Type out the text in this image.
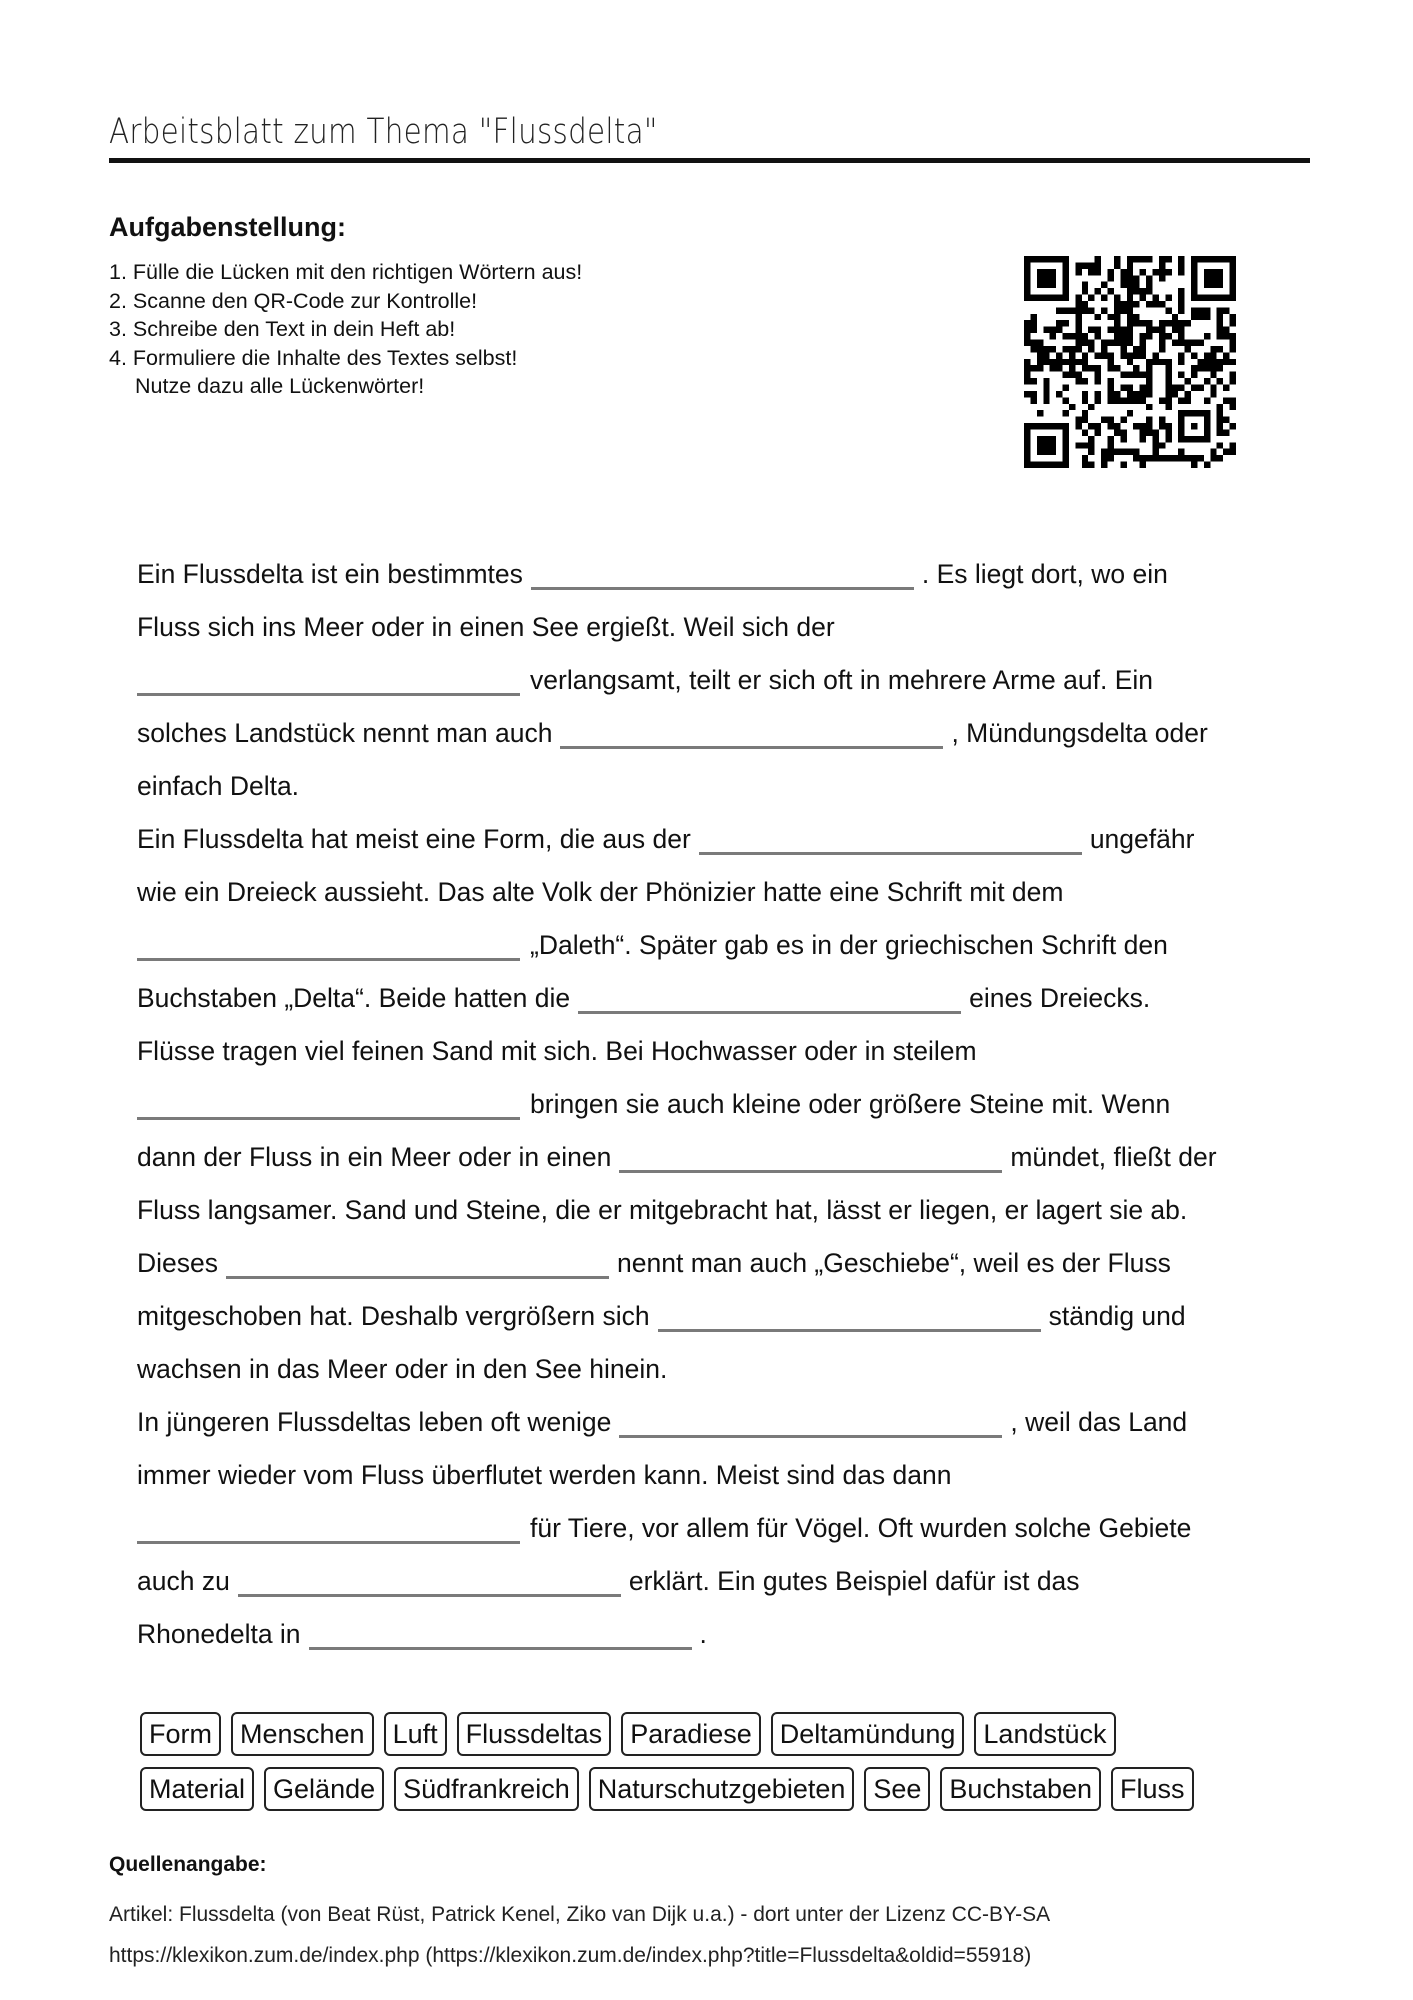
Arbeitsblatt zum Thema "Flussdelta"
Aufgabenstellung:
1. Fülle die Lücken mit den richtigen Wörtern aus!
2. Scanne den QR-Code zur Kontrolle!
3. Schreibe den Text in dein Heft ab!
4. Formuliere die Inhalte des Textes selbst!
Nutze dazu alle Lückenwörter!
Ein Flussdelta ist ein bestimmtes	. Es liegt dort, wo ein
Fluss sich ins Meer oder in einen See ergießt. Weil sich der
verlangsamt, teilt er sich oft in mehrere Arme auf. Ein
solches Landstück nennt man auch	, Mündungsdelta oder
einfach Delta.
Ein Flussdelta hat meist eine Form, die aus der	ungefähr
wie ein Dreieck aussieht. Das alte Volk der Phönizier hatte eine Schrift mit dem
„Daleth“. Später gab es in der griechischen Schrift den
Buchstaben „Delta“. Beide hatten die	eines Dreiecks.
Flüsse tragen viel feinen Sand mit sich. Bei Hochwasser oder in steilem
bringen sie auch kleine oder größere Steine mit. Wenn
dann der Fluss in ein Meer oder in einen	mündet, fließt der
Fluss langsamer. Sand und Steine, die er mitgebracht hat, lässt er liegen, er lagert sie ab.
Dieses	nennt man auch „Geschiebe“, weil es der Fluss
mitgeschoben hat. Deshalb vergrößern sich	ständig und
wachsen in das Meer oder in den See hinein.
In jüngeren Flussdeltas leben oft wenige	, weil das Land
immer wieder vom Fluss überflutet werden kann. Meist sind das dann
für Tiere, vor allem für Vögel. Oft wurden solche Gebiete
auch zu	erklärt. Ein gutes Beispiel dafür ist das
Rhonedelta in	.
Form	Menschen	Luft	Flussdeltas	Paradiese	Deltamündung	Landstück
Material	Gelände	Südfrankreich	Naturschutzgebieten	See	Buchstaben	Fluss
Quellenangabe:
Artikel: Flussdelta (von Beat Rüst, Patrick Kenel, Ziko van Dijk u.a.) - dort unter der Lizenz CC-BY-SA
https://klexikon.zum.de/index.php (https://klexikon.zum.de/index.php?title=Flussdelta&oldid=55918)
